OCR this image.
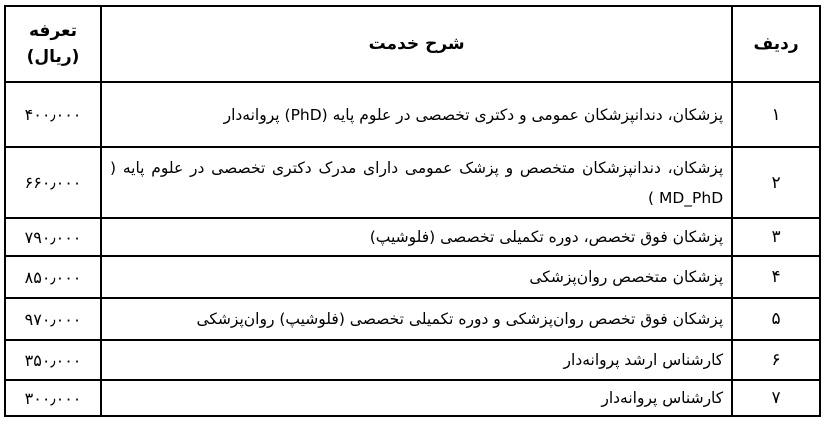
ردیف	شرح خدمت	تعرفه
(ریال)

۱	پزشکان، دندانپزشکان عمومی و دکتری تخصصی در علوم پایه (PhD) پروانه‌دار	۴۰۰٫۰۰۰
۲	پزشکان، دندانپزشکان متخصص و پزشک عمومی دارای مدرک دکتری تخصصی در علوم پایه ( MD_PhD )	۶۶۰٫۰۰۰
۳	پزشکان فوق تخصص، دوره تکمیلی تخصصی (فلوشیپ)	۷۹۰٫۰۰۰
۴	پزشکان متخصص روان‌پزشکی	۸۵۰٫۰۰۰
۵	پزشکان فوق تخصص روان‌پزشکی و دوره تکمیلی تخصصی (فلوشیپ) روان‌پزشکی	۹۷۰٫۰۰۰
۶	کارشناس ارشد پروانه‌دار	۳۵۰٫۰۰۰
۷	کارشناس پروانه‌دار	۳۰۰٫۰۰۰
